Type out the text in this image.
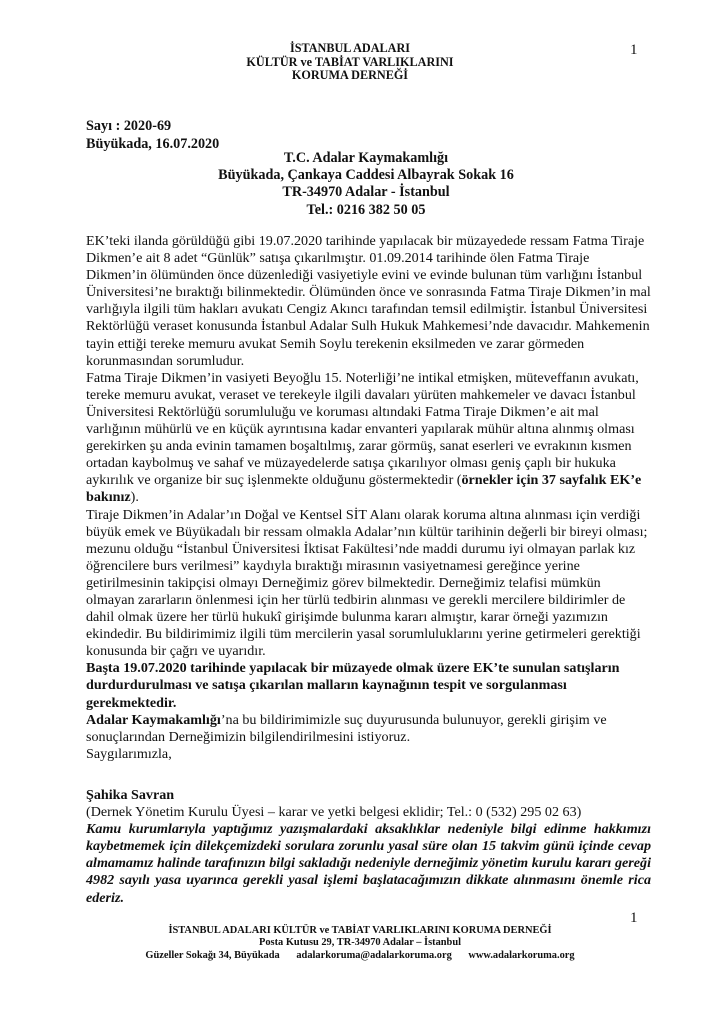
1
İSTANBUL ADALARI
KÜLTÜR ve TABİAT VARLIKLARINI
KORUMA DERNEĞİ
Sayı : 2020-69
Büyükada, 16.07.2020
T.C. Adalar Kaymakamlığı
Büyükada, Çankaya Caddesi Albayrak Sokak 16
TR-34970 Adalar - İstanbul
Tel.: 0216 382 50 05

EK’teki ilanda görüldüğü gibi 19.07.2020 tarihinde yapılacak bir müzayedede ressam Fatma Tiraje Dikmen’e ait 8 adet “Günlük” satışa çıkarılmıştır. 01.09.2014 tarihinde ölen Fatma Tiraje Dikmen’in ölümünden önce düzenlediği vasiyetiyle evini ve evinde bulunan tüm varlığını İstanbul Üniversitesi’ne bıraktığı bilinmektedir. Ölümünden önce ve sonrasında Fatma Tiraje Dikmen’in mal varlığıyla ilgili tüm hakları avukatı Cengiz Akıncı tarafından temsil edilmiştir. İstanbul Üniversitesi Rektörlüğü veraset konusunda İstanbul Adalar Sulh Hukuk Mahkemesi’nde davacıdır. Mahkemenin tayin ettiği tereke memuru avukat Semih Soylu terekenin eksilmeden ve zarar görmeden korunmasından sorumludur.

Fatma Tiraje Dikmen’in vasiyeti Beyoğlu 15. Noterliği’ne intikal etmişken, müteveffanın avukatı, tereke memuru avukat, veraset ve terekeyle ilgili davaları yürüten mahkemeler ve davacı İstanbul Üniversitesi Rektörlüğü sorumluluğu ve koruması altındaki Fatma Tiraje Dikmen’e ait mal varlığının mühürlü ve en küçük ayrıntısına kadar envanteri yapılarak mühür altına alınmış olması gerekirken şu anda evinin tamamen boşaltılmış, zarar görmüş, sanat eserleri ve evrakının kısmen ortadan kaybolmuş ve sahaf ve müzayedelerde satışa çıkarılıyor olması geniş çaplı bir hukuka aykırılık ve organize bir suç işlenmekte olduğunu göstermektedir (örnekler için 37 sayfalık EK’e bakınız).

Tiraje Dikmen’in Adalar’ın Doğal ve Kentsel SİT Alanı olarak koruma altına alınması için verdiği büyük emek ve Büyükadalı bir ressam olmakla Adalar’nın kültür tarihinin değerli bir bireyi olması; mezunu olduğu “İstanbul Üniversitesi İktisat Fakültesi’nde maddi durumu iyi olmayan parlak kız öğrencilere burs verilmesi” kaydıyla bıraktığı mirasının vasiyetnamesi gereğince yerine getirilmesinin takipçisi olmayı Derneğimiz görev bilmektedir. Derneğimiz telafisi mümkün olmayan zararların önlenmesi için her türlü tedbirin alınması ve gerekli mercilere bildirimler de dahil olmak üzere her türlü hukukî girişimde bulunma kararı almıştır, karar örneği yazımızın ekindedir. Bu bildirimimiz ilgili tüm mercilerin yasal sorumluluklarını yerine getirmeleri gerektiği konusunda bir çağrı ve uyarıdır.

Başta 19.07.2020 tarihinde yapılacak bir müzayede olmak üzere EK’te sunulan satışların durdurdurulması ve satışa çıkarılan malların kaynağının tespit ve sorgulanması gerekmektedir.

Adalar Kaymakamlığı’na bu bildirimimizle suç duyurusunda bulunuyor, gerekli girişim ve sonuçlarından Derneğimizin bilgilendirilmesini istiyoruz.

Saygılarımızla,

Şahika Savran

(Dernek Yönetim Kurulu Üyesi – karar ve yetki belgesi eklidir; Tel.: 0 (532) 295 02 63)

Kamu kurumlarıyla yaptığımız yazışmalardaki aksaklıklar nedeniyle bilgi edinme hakkımızı kaybetmemek için dilekçemizdeki sorulara zorunlu yasal süre olan 15 takvim günü içinde cevap almamamız halinde tarafınızın bilgi sakladığı nedeniyle derneğimiz yönetim kurulu kararı gereği 4982 sayılı yasa uyarınca gerekli yasal işlemi başlatacağımızın dikkate alınmasını önemle rica ederiz.

1
İSTANBUL ADALARI KÜLTÜR ve TABİAT VARLIKLARINI KORUMA DERNEĞİ
Posta Kutusu 29, TR-34970 Adalar – İstanbul
Güzeller Sokağı 34, Büyükada adalarkoruma@adalarkoruma.org www.adalarkoruma.org
